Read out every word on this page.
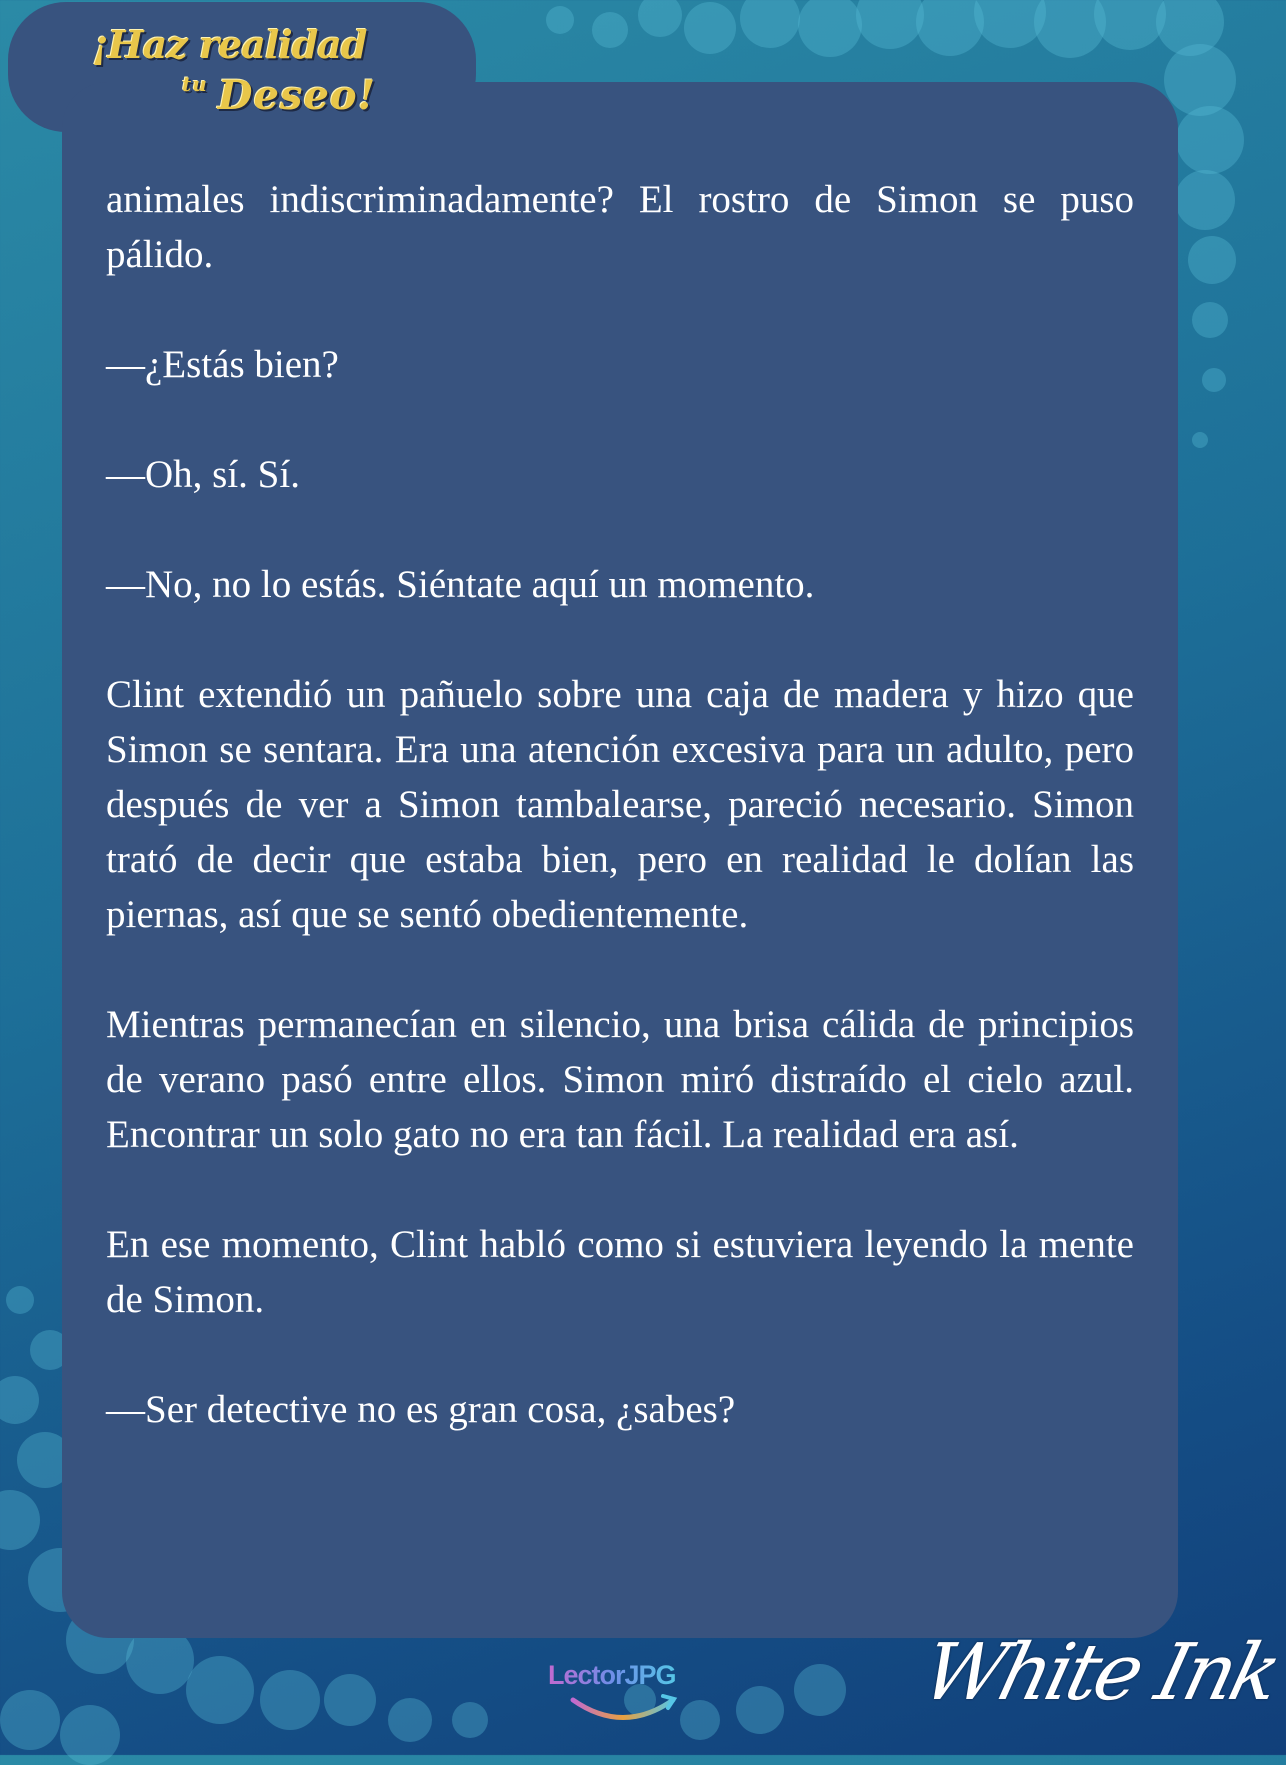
¡Haz realidad
$^{tu}$ Deseo!

animales indiscriminadamente? El rostro de Simon se puso pálido.

—¿Estás bien?

—Oh, sí. Sí.

—No, no lo estás. Siéntate aquí un momento.

Clint extendió un pañuelo sobre una caja de madera y hizo que Simon se sentara. Era una atención excesiva para un adulto, pero después de ver a Simon tambalearse, pareció necesario. Simon trató de decir que estaba bien, pero en realidad le dolían las piernas, así que se sentó obedientemente.

Mientras permanecían en silencio, una brisa cálida de principios de verano pasó entre ellos. Simon miró distraído el cielo azul. Encontrar un solo gato no era tan fácil. La realidad era así.

En ese momento, Clint habló como si estuviera leyendo la mente de Simon.

—Ser detective no es gran cosa, ¿sabes?

LectorJPG	White Ink
